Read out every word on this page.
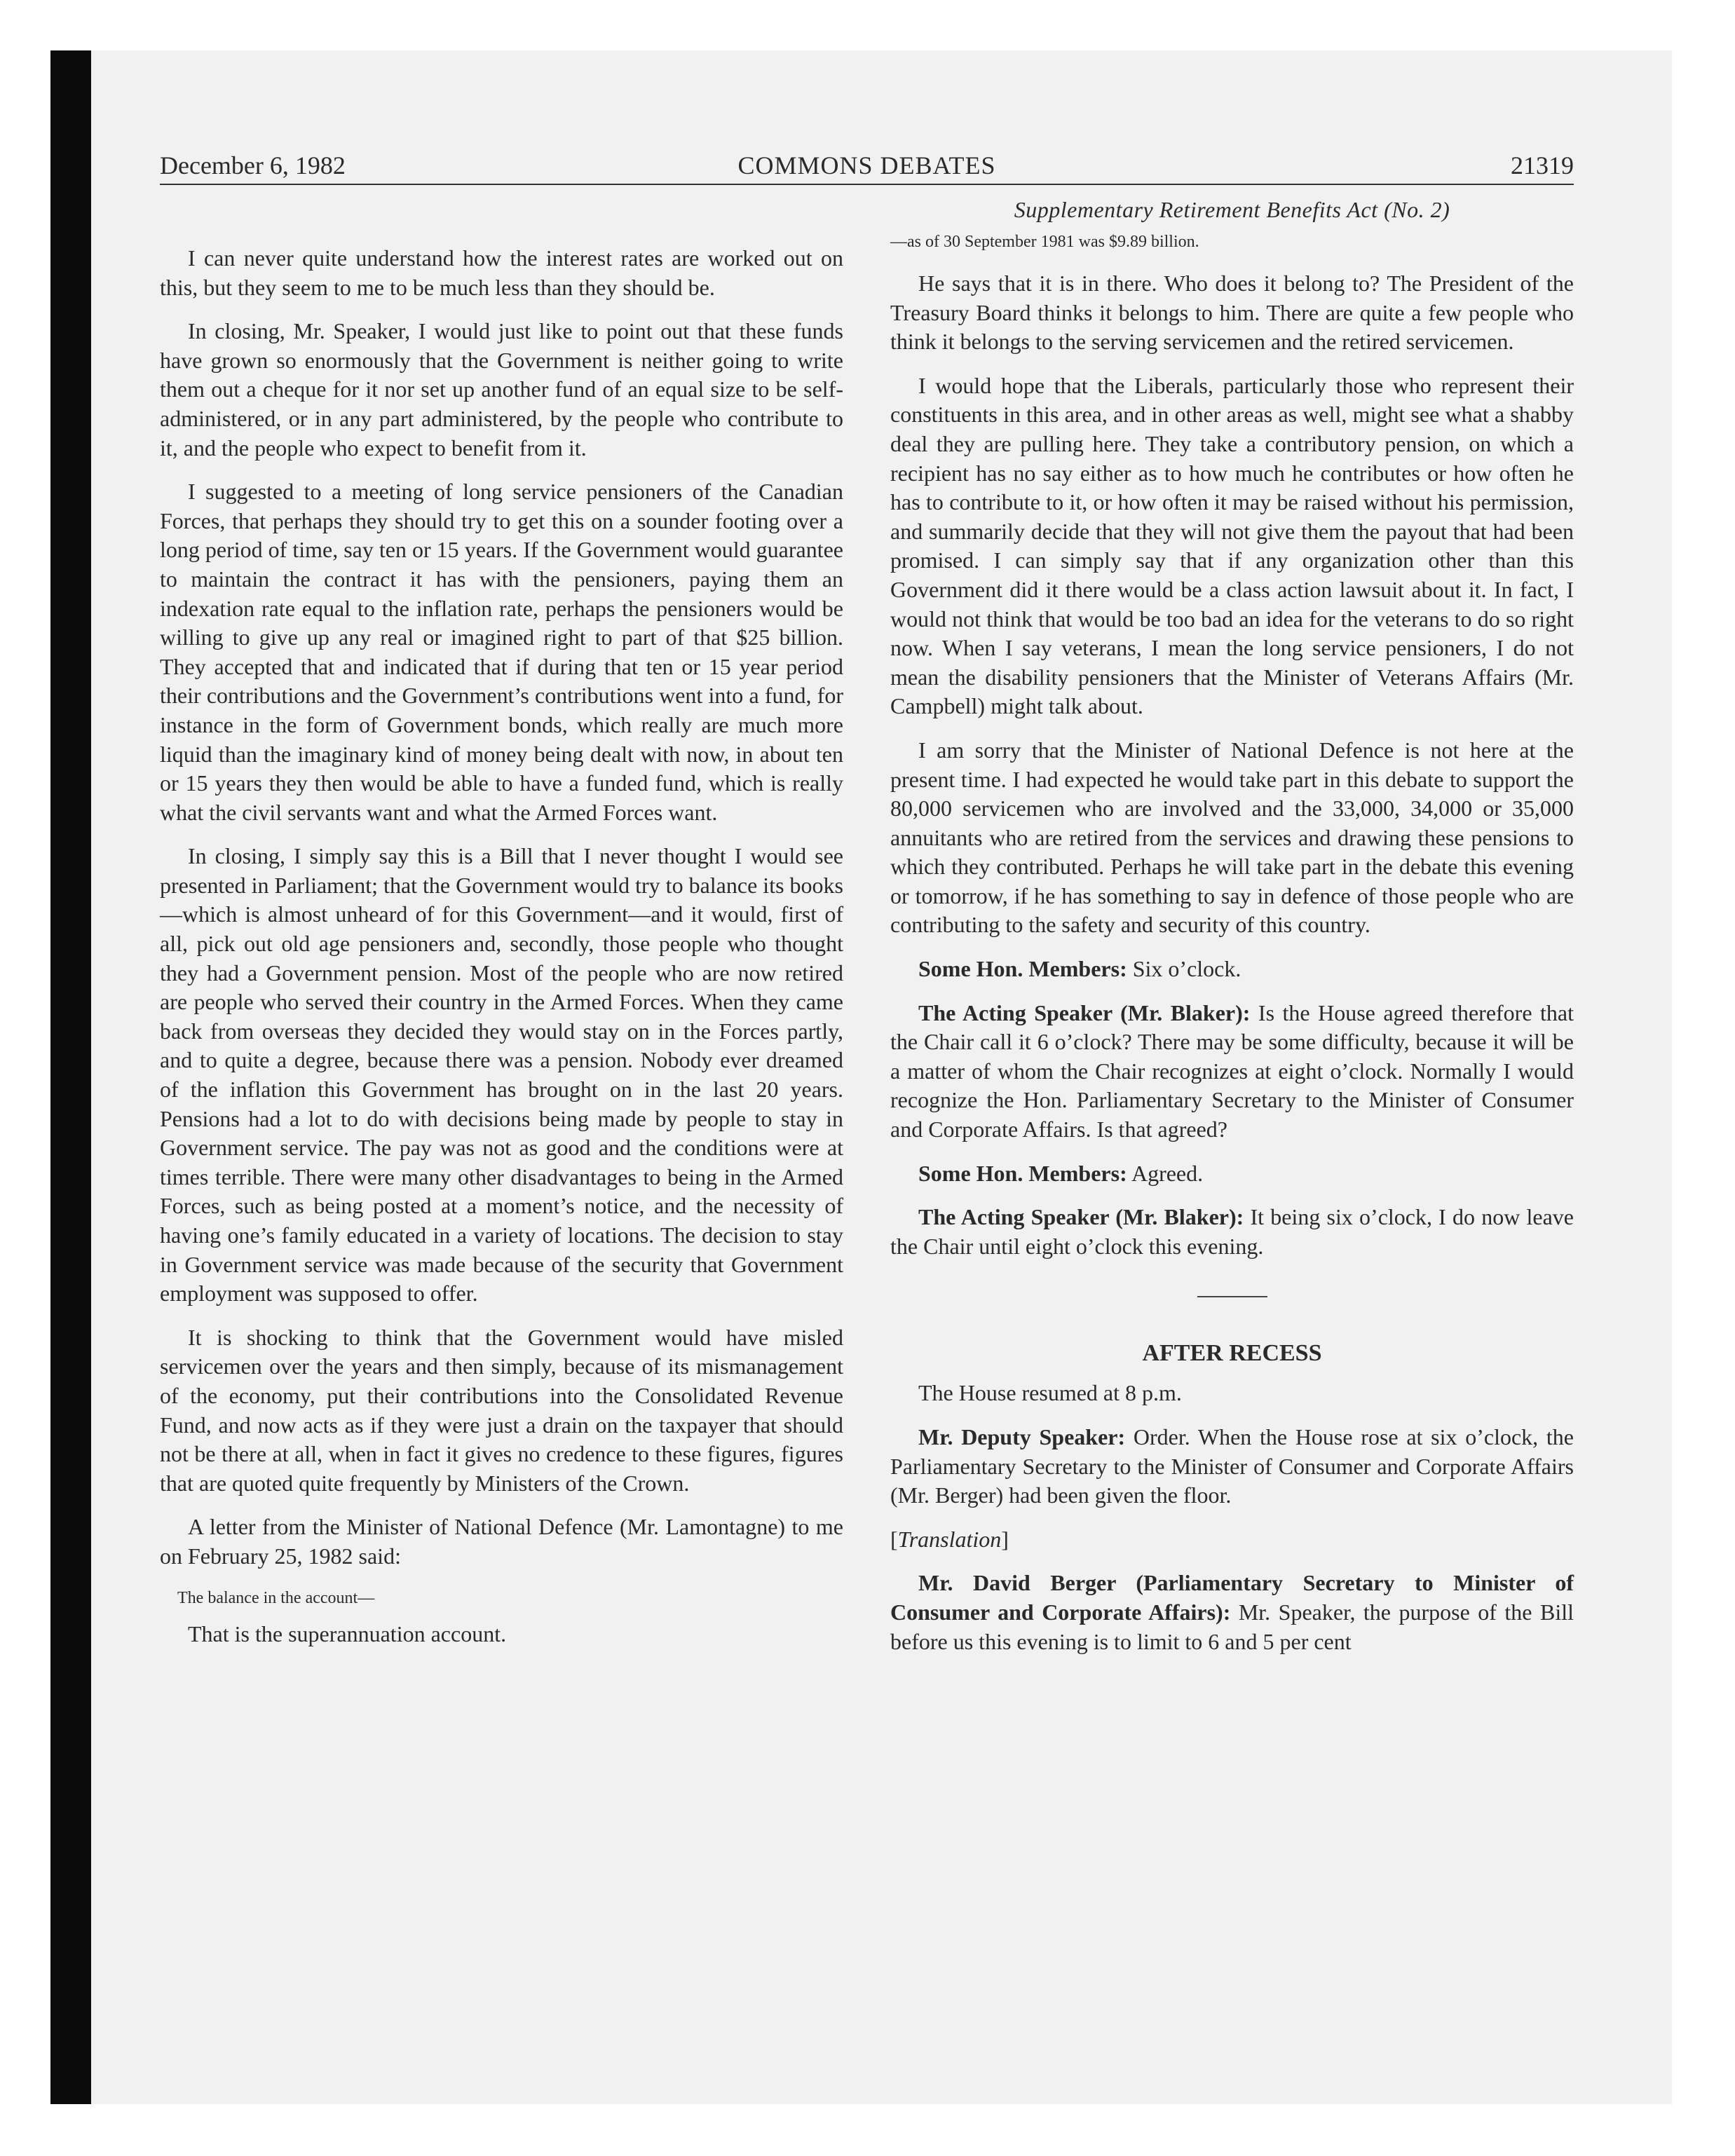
December 6, 1982	COMMONS DEBATES	21319

I can never quite understand how the interest rates are worked out on this, but they seem to me to be much less than they should be.

In closing, Mr. Speaker, I would just like to point out that these funds have grown so enormously that the Government is neither going to write them out a cheque for it nor set up another fund of an equal size to be self-administered, or in any part administered, by the people who contribute to it, and the people who expect to benefit from it.

I suggested to a meeting of long service pensioners of the Canadian Forces, that perhaps they should try to get this on a sounder footing over a long period of time, say ten or 15 years. If the Government would guarantee to maintain the contract it has with the pensioners, paying them an indexation rate equal to the inflation rate, perhaps the pensioners would be willing to give up any real or imagined right to part of that $25 billion. They accepted that and indicated that if during that ten or 15 year period their contributions and the Government’s contributions went into a fund, for instance in the form of Government bonds, which really are much more liquid than the imaginary kind of money being dealt with now, in about ten or 15 years they then would be able to have a funded fund, which is really what the civil servants want and what the Armed Forces want.

In closing, I simply say this is a Bill that I never thought I would see presented in Parliament; that the Government would try to balance its books—which is almost unheard of for this Government—and it would, first of all, pick out old age pensioners and, secondly, those people who thought they had a Government pension. Most of the people who are now retired are people who served their country in the Armed Forces. When they came back from overseas they decided they would stay on in the Forces partly, and to quite a degree, because there was a pension. Nobody ever dreamed of the inflation this Government has brought on in the last 20 years. Pensions had a lot to do with decisions being made by people to stay in Government service. The pay was not as good and the conditions were at times terrible. There were many other disadvantages to being in the Armed Forces, such as being posted at a moment’s notice, and the necessity of having one’s family educated in a variety of locations. The decision to stay in Government service was made because of the security that Government employment was supposed to offer.

It is shocking to think that the Government would have misled servicemen over the years and then simply, because of its mismanagement of the economy, put their contributions into the Consolidated Revenue Fund, and now acts as if they were just a drain on the taxpayer that should not be there at all, when in fact it gives no credence to these figures, figures that are quoted quite frequently by Ministers of the Crown.

A letter from the Minister of National Defence (Mr. Lamontagne) to me on February 25, 1982 said:

The balance in the account—

That is the superannuation account.

Supplementary Retirement Benefits Act (No. 2)
—as of 30 September 1981 was $9.89 billion.

He says that it is in there. Who does it belong to? The President of the Treasury Board thinks it belongs to him. There are quite a few people who think it belongs to the serving servicemen and the retired servicemen.

I would hope that the Liberals, particularly those who represent their constituents in this area, and in other areas as well, might see what a shabby deal they are pulling here. They take a contributory pension, on which a recipient has no say either as to how much he contributes or how often he has to contribute to it, or how often it may be raised without his permission, and summarily decide that they will not give them the payout that had been promised. I can simply say that if any organization other than this Government did it there would be a class action lawsuit about it. In fact, I would not think that would be too bad an idea for the veterans to do so right now. When I say veterans, I mean the long service pensioners, I do not mean the disability pensioners that the Minister of Veterans Affairs (Mr. Campbell) might talk about.

I am sorry that the Minister of National Defence is not here at the present time. I had expected he would take part in this debate to support the 80,000 servicemen who are involved and the 33,000, 34,000 or 35,000 annuitants who are retired from the services and drawing these pensions to which they contributed. Perhaps he will take part in the debate this evening or tomorrow, if he has something to say in defence of those people who are contributing to the safety and security of this country.

Some Hon. Members: Six o’clock.

The Acting Speaker (Mr. Blaker): Is the House agreed therefore that the Chair call it 6 o’clock? There may be some difficulty, because it will be a matter of whom the Chair recognizes at eight o’clock. Normally I would recognize the Hon. Parliamentary Secretary to the Minister of Consumer and Corporate Affairs. Is that agreed?

Some Hon. Members: Agreed.

The Acting Speaker (Mr. Blaker): It being six o’clock, I do now leave the Chair until eight o’clock this evening.

AFTER RECESS

The House resumed at 8 p.m.

Mr. Deputy Speaker: Order. When the House rose at six o’clock, the Parliamentary Secretary to the Minister of Consumer and Corporate Affairs (Mr. Berger) had been given the floor.

[Translation]

Mr. David Berger (Parliamentary Secretary to Minister of Consumer and Corporate Affairs): Mr. Speaker, the purpose of the Bill before us this evening is to limit to 6 and 5 per cent
